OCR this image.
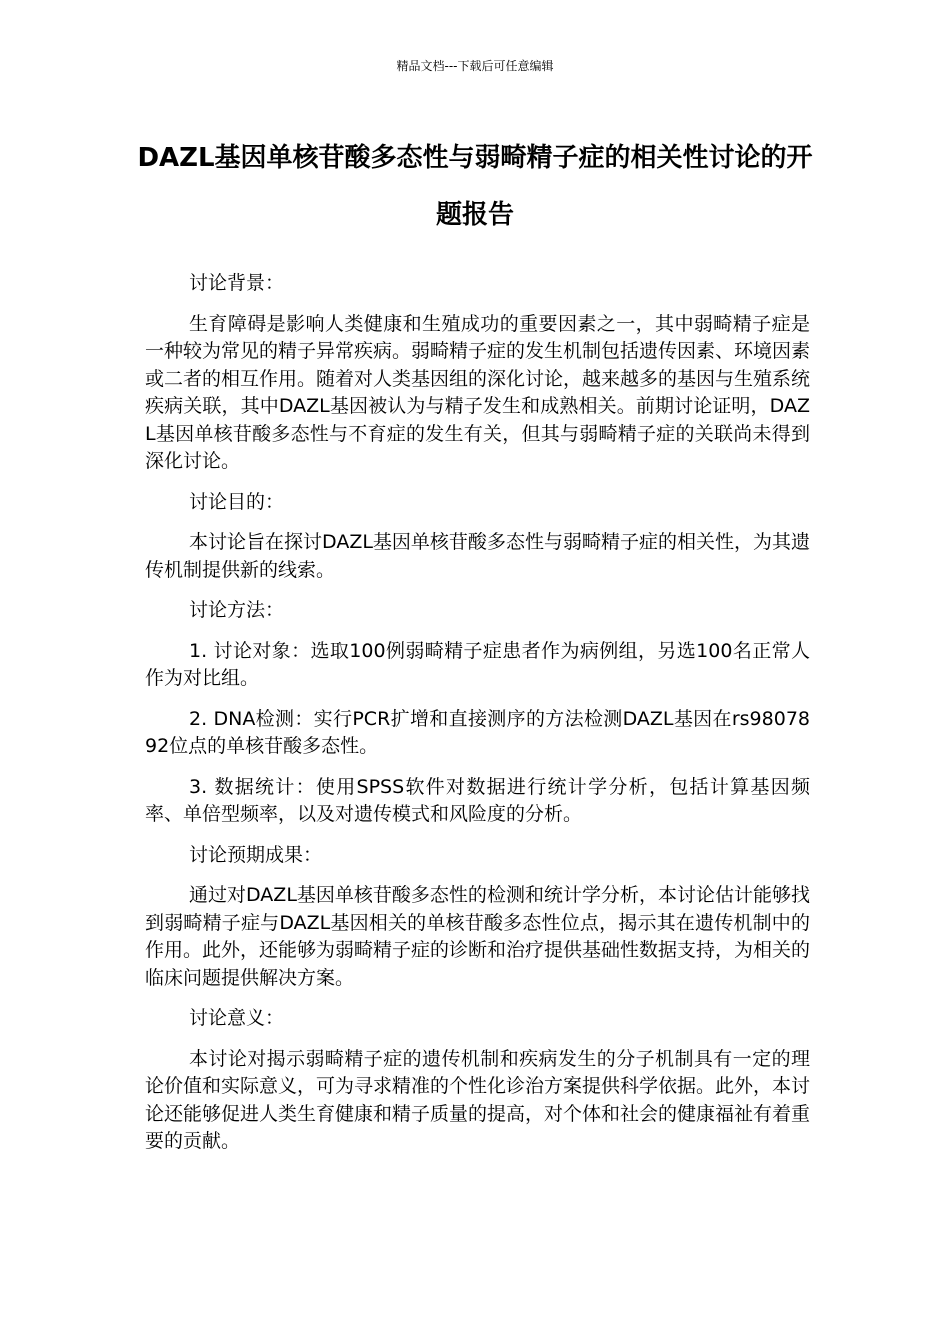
精品文档---下载后可任意编辑
DAZL基因单核苷酸多态性与弱畸精子症的相关性讨论的开题报告

讨论背景：

生育障碍是影响人类健康和生殖成功的重要因素之一，其中弱畸精子症是一种较为常见的精子异常疾病。弱畸精子症的发生机制包括遗传因素、环境因素或二者的相互作用。随着对人类基因组的深化讨论，越来越多的基因与生殖系统疾病关联，其中DAZL基因被认为与精子发生和成熟相关。前期讨论证明，DAZL基因单核苷酸多态性与不育症的发生有关，但其与弱畸精子症的关联尚未得到深化讨论。

讨论目的：

本讨论旨在探讨DAZL基因单核苷酸多态性与弱畸精子症的相关性，为其遗传机制提供新的线索。

讨论方法：

1. 讨论对象：选取100例弱畸精子症患者作为病例组，另选100名正常人作为对比组。

2. DNA检测：实行PCR扩增和直接测序的方法检测DAZL基因在rs9807892位点的单核苷酸多态性。

3. 数据统计：使用SPSS软件对数据进行统计学分析，包括计算基因频率、单倍型频率，以及对遗传模式和风险度的分析。

讨论预期成果：

通过对DAZL基因单核苷酸多态性的检测和统计学分析，本讨论估计能够找到弱畸精子症与DAZL基因相关的单核苷酸多态性位点，揭示其在遗传机制中的作用。此外，还能够为弱畸精子症的诊断和治疗提供基础性数据支持，为相关的临床问题提供解决方案。

讨论意义：

本讨论对揭示弱畸精子症的遗传机制和疾病发生的分子机制具有一定的理论价值和实际意义，可为寻求精准的个性化诊治方案提供科学依据。此外，本讨论还能够促进人类生育健康和精子质量的提高，对个体和社会的健康福祉有着重要的贡献。
